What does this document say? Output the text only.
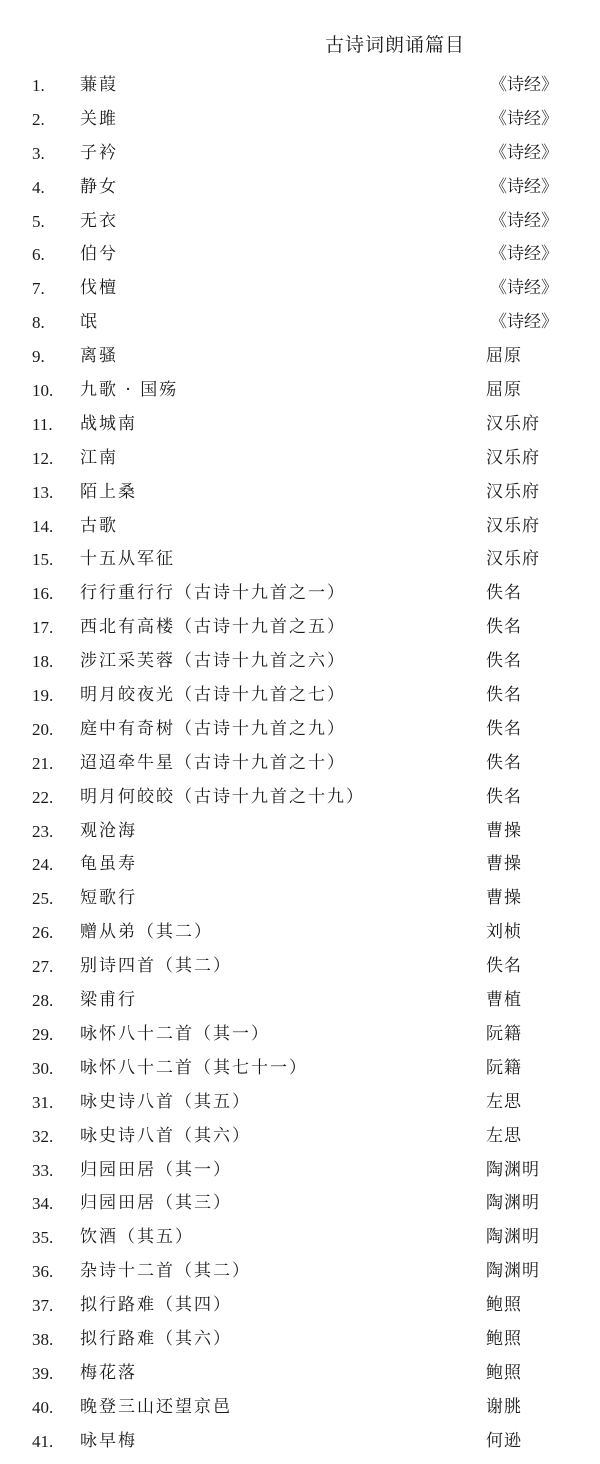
古诗词朗诵篇目
1.	蒹葭	《诗经》
2.	关雎	《诗经》
3.	子衿	《诗经》
4.	静女	《诗经》
5.	无衣	《诗经》
6.	伯兮	《诗经》
7.	伐檀	《诗经》
8.	氓	《诗经》
9.	离骚	屈原
10.	九歌 · 国殇	屈原
11.	战城南	汉乐府
12.	江南	汉乐府
13.	陌上桑	汉乐府
14.	古歌	汉乐府
15.	十五从军征	汉乐府
16.	行行重行行（古诗十九首之一）	佚名
17.	西北有高楼（古诗十九首之五）	佚名
18.	涉江采芙蓉（古诗十九首之六）	佚名
19.	明月皎夜光（古诗十九首之七）	佚名
20.	庭中有奇树（古诗十九首之九）	佚名
21.	迢迢牵牛星（古诗十九首之十）	佚名
22.	明月何皎皎（古诗十九首之十九）	佚名
23.	观沧海	曹操
24.	龟虽寿	曹操
25.	短歌行	曹操
26.	赠从弟（其二）	刘桢
27.	别诗四首（其二）	佚名
28.	梁甫行	曹植
29.	咏怀八十二首（其一）	阮籍
30.	咏怀八十二首（其七十一）	阮籍
31.	咏史诗八首（其五）	左思
32.	咏史诗八首（其六）	左思
33.	归园田居（其一）	陶渊明
34.	归园田居（其三）	陶渊明
35.	饮酒（其五）	陶渊明
36.	杂诗十二首（其二）	陶渊明
37.	拟行路难（其四）	鲍照
38.	拟行路难（其六）	鲍照
39.	梅花落	鲍照
40.	晚登三山还望京邑	谢朓
41.	咏早梅	何逊
